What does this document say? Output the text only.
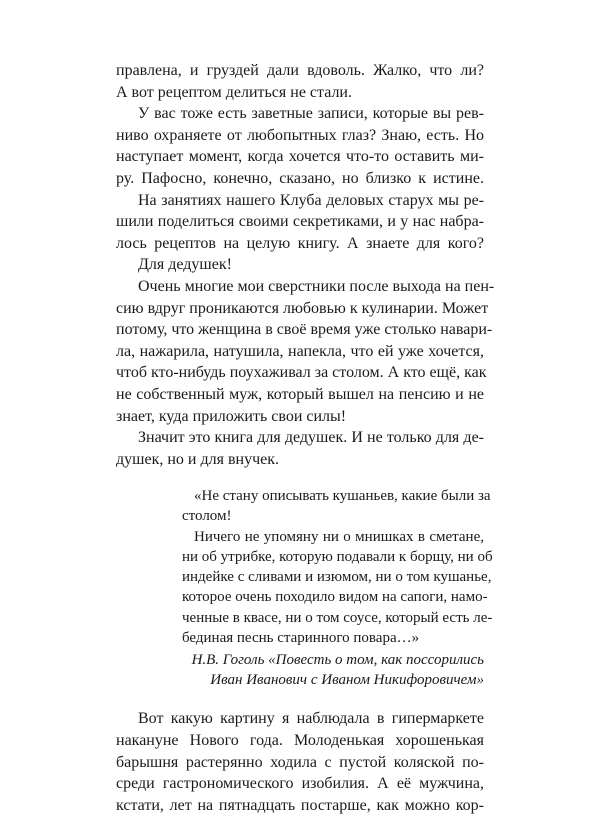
правлена, и груздей дали вдоволь. Жалко, что ли?
А вот рецептом делиться не стали.
У вас тоже есть заветные записи, которые вы рев-
ниво охраняете от любопытных глаз? Знаю, есть. Но
наступает момент, когда хочется что-то оставить ми-
ру. Пафосно, конечно, сказано, но близко к истине.
На занятиях нашего Клуба деловых старух мы ре-
шили поделиться своими секретиками, и у нас набра-
лось рецептов на целую книгу. А знаете для кого?
Для дедушек!
Очень многие мои сверстники после выхода на пен-
сию вдруг проникаются любовью к кулинарии. Может
потому, что женщина в своё время уже столько навари-
ла, нажарила, натушила, напекла, что ей уже хочется,
чтоб кто-нибудь поухаживал за столом. А кто ещё, как
не собственный муж, который вышел на пенсию и не
знает, куда приложить свои силы!
Значит это книга для дедушек. И не только для де-
душек, но и для внучек.
«Не стану описывать кушаньев, какие были за
столом!
Ничего не упомяну ни о мнишках в сметане,
ни об утрибке, которую подавали к борщу, ни об
индейке с сливами и изюмом, ни о том кушанье,
которое очень походило видом на сапоги, намо-
ченные в квасе, ни о том соусе, который есть ле-
бединая песнь старинного повара…»
Н.В. Гоголь «Повесть о том, как поссорились
Иван Иванович с Иваном Никифоровичем»
Вот какую картину я наблюдала в гипермаркете
накануне Нового года. Молоденькая хорошенькая
барышня растерянно ходила с пустой коляской по-
среди гастрономического изобилия. А её мужчина,
кстати, лет на пятнадцать постарше, как можно кор-
